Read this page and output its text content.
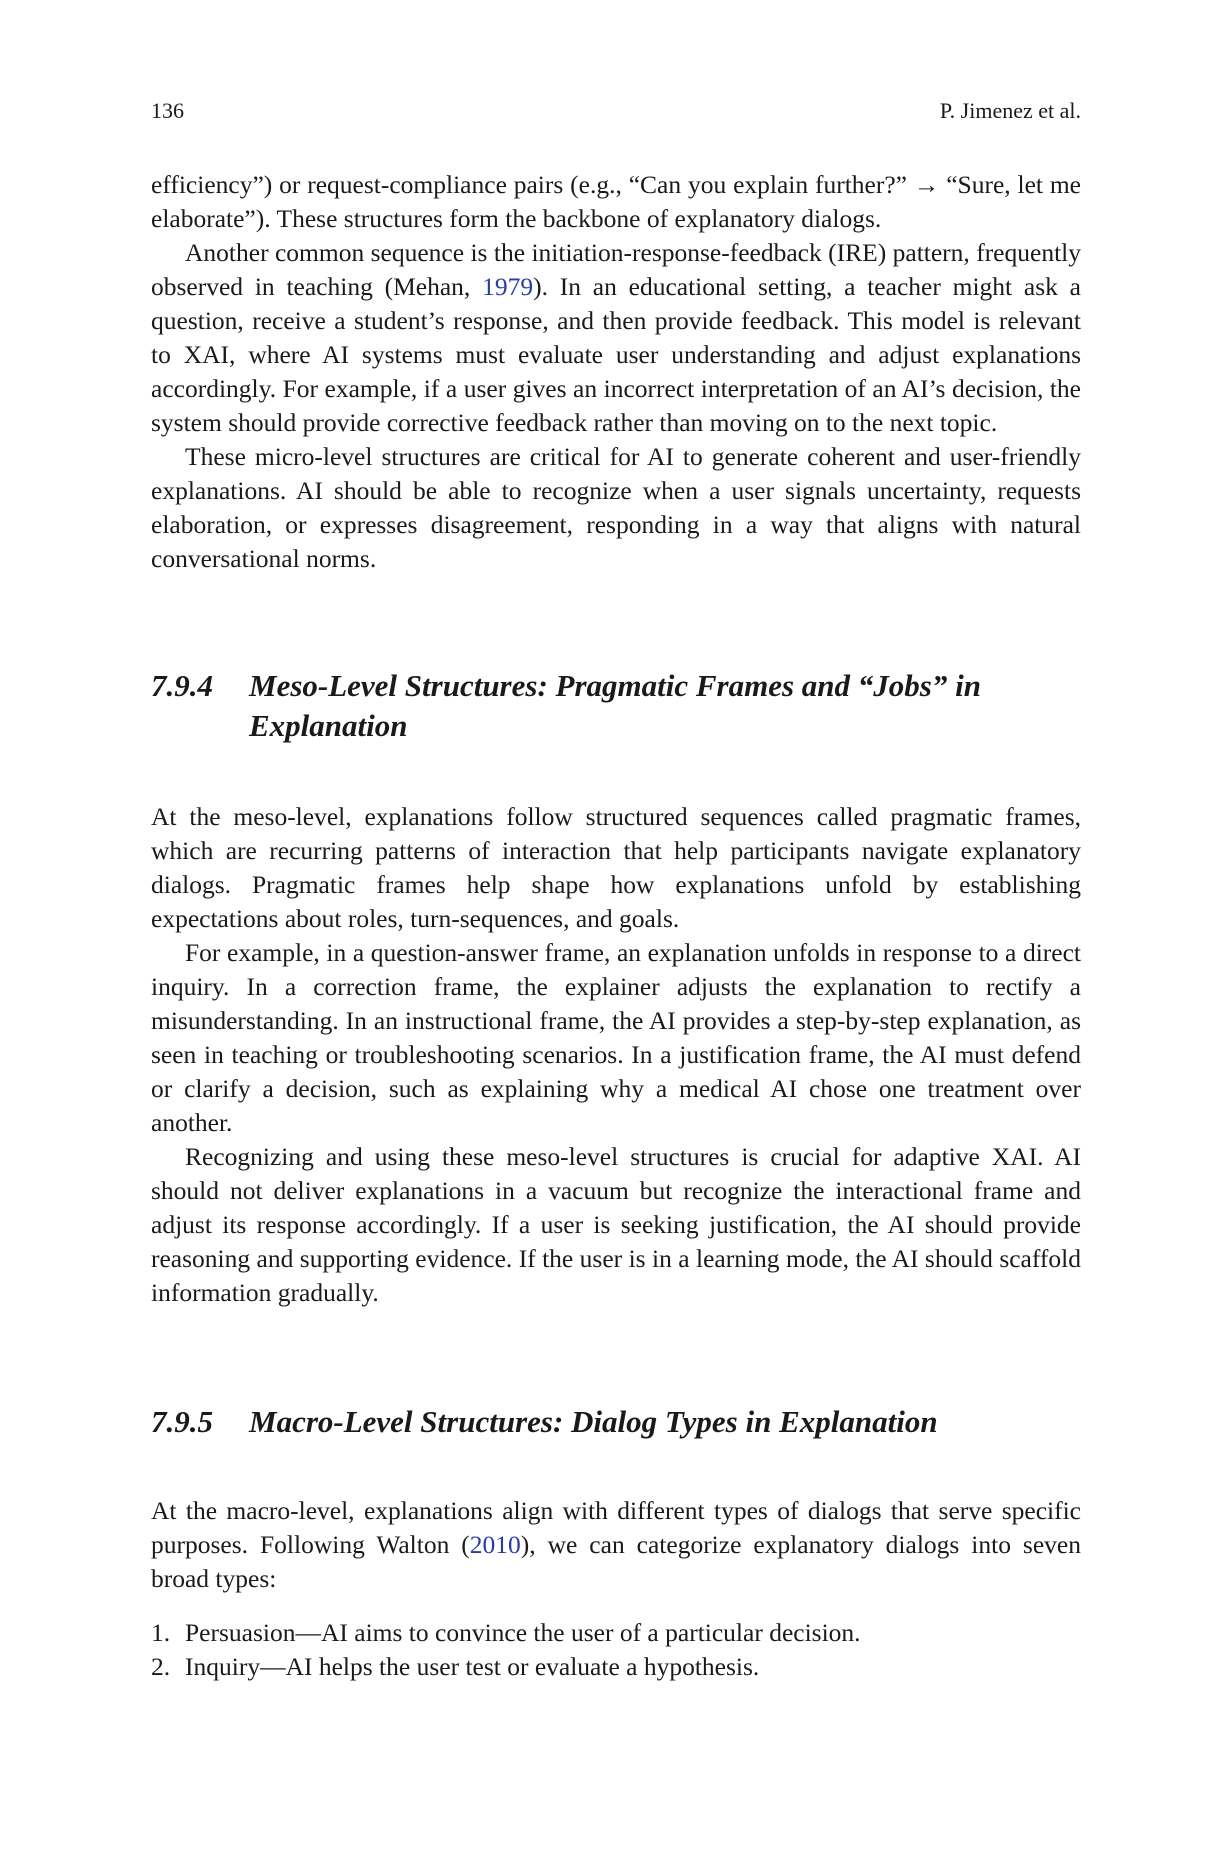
136	P. Jimenez et al.

efficiency”) or request-compliance pairs (e.g., “Can you explain further?” → “Sure, let me elaborate”). These structures form the backbone of explanatory dialogs.

Another common sequence is the initiation-response-feedback (IRE) pattern, frequently observed in teaching (Mehan, 1979). In an educational setting, a teacher might ask a question, receive a student’s response, and then provide feedback. This model is relevant to XAI, where AI systems must evaluate user understanding and adjust explanations accordingly. For example, if a user gives an incorrect interpretation of an AI’s decision, the system should provide corrective feedback rather than moving on to the next topic.

These micro-level structures are critical for AI to generate coherent and user-friendly explanations. AI should be able to recognize when a user signals uncertainty, requests elaboration, or expresses disagreement, responding in a way that aligns with natural conversational norms.

7.9.4	Meso-Level Structures: Pragmatic Frames and “Jobs” in Explanation

At the meso-level, explanations follow structured sequences called pragmatic frames, which are recurring patterns of interaction that help participants navigate explanatory dialogs. Pragmatic frames help shape how explanations unfold by establishing expectations about roles, turn-sequences, and goals.

For example, in a question-answer frame, an explanation unfolds in response to a direct inquiry. In a correction frame, the explainer adjusts the explanation to rectify a misunderstanding. In an instructional frame, the AI provides a step-by-step explanation, as seen in teaching or troubleshooting scenarios. In a justification frame, the AI must defend or clarify a decision, such as explaining why a medical AI chose one treatment over another.

Recognizing and using these meso-level structures is crucial for adaptive XAI. AI should not deliver explanations in a vacuum but recognize the interactional frame and adjust its response accordingly. If a user is seeking justification, the AI should provide reasoning and supporting evidence. If the user is in a learning mode, the AI should scaffold information gradually.

7.9.5	Macro-Level Structures: Dialog Types in Explanation

At the macro-level, explanations align with different types of dialogs that serve specific purposes. Following Walton (2010), we can categorize explanatory dialogs into seven broad types:

1. Persuasion—AI aims to convince the user of a particular decision.
2. Inquiry—AI helps the user test or evaluate a hypothesis.
